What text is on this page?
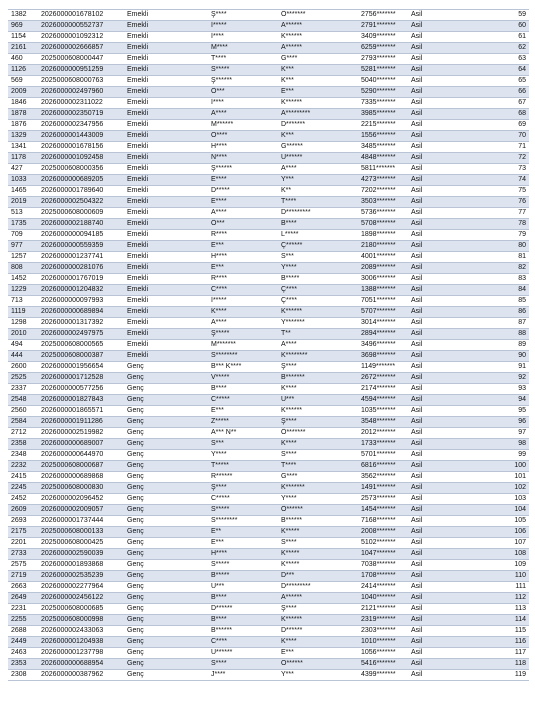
1382	2026000001678102	Emekli	Ş****	Ö*******	2756*******	Asil	59
969	2026000000552737	Emekli	İ*****	A******	2791*******	Asil	60
1154	2026000001092312	Emekli	İ****	K******	3409*******	Asil	61
2161	2026000002666857	Emekli	M****	A******	6259*******	Asil	62
460	2025000608000447	Emekli	T****	G****	2793*******	Asil	63
1126	2026000000951259	Emekli	S*****	K***	5281*******	Asil	64
569	2025000608000763	Emekli	Ş******	K***	5040*******	Asil	65
2009	2026000002497960	Emekli	Ö***	E***	5290*******	Asil	66
1846	2026000002311022	Emekli	İ****	K******	7335*******	Asil	67
1878	2026000002350719	Emekli	A****	A*********	3985*******	Asil	68
1876	2026000002347956	Emekli	M******	D*******	2215*******	Asil	69
1329	2026000001443009	Emekli	O****	K***	1556*******	Asil	70
1341	2026000001678156	Emekli	H****	G******	3485*******	Asil	71
1178	2026000001092458	Emekli	N****	U******	4848*******	Asil	72
427	2025000608000356	Emekli	Ş******	A****	5811*******	Asil	73
1033	2026000000689205	Emekli	E****	Y***	4273*******	Asil	74
1465	2026000001789640	Emekli	D*****	K**	7202*******	Asil	75
2019	2026000002504322	Emekli	E****	T****	3503*******	Asil	76
513	2025000608000609	Emekli	A****	D*********	5736*******	Asil	77
1735	2026000002188740	Emekli	Ö***	B****	5708*******	Asil	78
709	2026000000094185	Emekli	R****	L*****	1898*******	Asil	79
977	2026000000559359	Emekli	E***	Ç******	2180*******	Asil	80
1257	2026000001237741	Emekli	H****	S***	4001*******	Asil	81
808	2026000000281076	Emekli	E***	Y****	2089*******	Asil	82
1452	2026000001767019	Emekli	R****	B*****	3006*******	Asil	83
1229	2026000001204832	Emekli	C****	Ç****	1388*******	Asil	84
713	2026000000097993	Emekli	İ*****	Ç****	7051*******	Asil	85
1119	2026000000689894	Emekli	K****	K******	5707*******	Asil	86
1298	2026000001317392	Emekli	A****	Y*******	3014*******	Asil	87
2010	2026000002497975	Emekli	Ş*****	T**	2894*******	Asil	88
494	2025000608000565	Emekli	M*******	A****	3496*******	Asil	89
444	2025000608000387	Emekli	S********	K********	3698*******	Asil	90
2600	2026000001956654	Genç	B*** K****	Ş****	1149*******	Asil	91
2525	2026000001712528	Genç	V*****	B*******	2672*******	Asil	92
2337	2026000000577256	Genç	B****	K****	2174*******	Asil	93
2548	2026000001827843	Genç	C*****	U***	4594*******	Asil	94
2560	2026000001865571	Genç	E***	K******	1035*******	Asil	95
2584	2026000001911286	Genç	Z*****	Ş****	3548*******	Asil	96
2712	2026000002519982	Genç	A*** N**	Ö*******	2012*******	Asil	97
2358	2026000000689007	Genç	S***	K****	1733*******	Asil	98
2348	2026000000644970	Genç	Y****	S****	5701*******	Asil	99
2232	2025000608000687	Genç	T*****	T****	6816*******	Asil	100
2415	2026000000689868	Genç	R******	G****	3562*******	Asil	101
2245	2025000608000830	Genç	Ş****	K*******	1491*******	Asil	102
2452	2026000002096452	Genç	C*****	Y****	2573*******	Asil	103
2609	2026000002009057	Genç	S*****	Ö******	1454*******	Asil	104
2693	2026000001737444	Genç	S********	B******	7168*******	Asil	105
2175	2025000608000133	Genç	E**	K*****	2008*******	Asil	106
2201	2025000608000425	Genç	E***	S****	5102*******	Asil	107
2733	2026000002590039	Genç	H****	K*****	1047*******	Asil	108
2575	2026000001893868	Genç	S*****	K*****	7038*******	Asil	109
2719	2026000002535239	Genç	B*****	D***	1708*******	Asil	110
2663	2026000002277964	Genç	U***	D*********	2414*******	Asil	111
2649	2026000002456122	Genç	B****	A******	1040*******	Asil	112
2231	2025000608000685	Genç	D******	Ş****	2121*******	Asil	113
2255	2025000608000998	Genç	B****	K******	2319*******	Asil	114
2688	2026000002433063	Genç	B******	D******	2303*******	Asil	115
2449	2026000001204938	Genç	C****	K****	1010*******	Asil	116
2463	2026000001237798	Genç	U******	E***	1056*******	Asil	117
2353	2026000000688954	Genç	S****	O******	5416*******	Asil	118
2308	2026000000387962	Genç	J****	Y***	4399*******	Asil	119
